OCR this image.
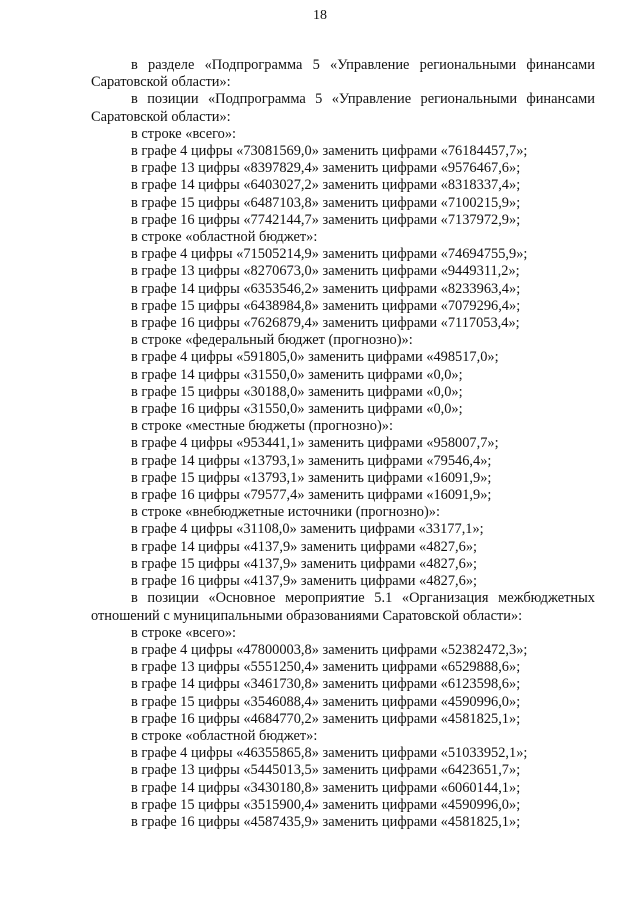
18

в разделе «Подпрограмма 5 «Управление региональными финансами Саратовской области»:

в позиции «Подпрограмма 5 «Управление региональными финансами Саратовской области»:

в строке «всего»:

в графе 4 цифры «73081569,0» заменить цифрами «76184457,7»;

в графе 13 цифры «8397829,4» заменить цифрами «9576467,6»;

в графе 14 цифры «6403027,2» заменить цифрами «8318337,4»;

в графе 15 цифры «6487103,8» заменить цифрами «7100215,9»;

в графе 16 цифры «7742144,7» заменить цифрами «7137972,9»;

в строке «областной бюджет»:

в графе 4 цифры «71505214,9» заменить цифрами «74694755,9»;

в графе 13 цифры «8270673,0» заменить цифрами «9449311,2»;

в графе 14 цифры «6353546,2» заменить цифрами «8233963,4»;

в графе 15 цифры «6438984,8» заменить цифрами «7079296,4»;

в графе 16 цифры «7626879,4» заменить цифрами «7117053,4»;

в строке «федеральный бюджет (прогнозно)»:

в графе 4 цифры «591805,0» заменить цифрами «498517,0»;

в графе 14 цифры «31550,0» заменить цифрами «0,0»;

в графе 15 цифры «30188,0» заменить цифрами «0,0»;

в графе 16 цифры «31550,0» заменить цифрами «0,0»;

в строке «местные бюджеты (прогнозно)»:

в графе 4 цифры «953441,1» заменить цифрами «958007,7»;

в графе 14 цифры «13793,1» заменить цифрами «79546,4»;

в графе 15 цифры «13793,1» заменить цифрами «16091,9»;

в графе 16 цифры «79577,4» заменить цифрами «16091,9»;

в строке «внебюджетные источники (прогнозно)»:

в графе 4 цифры «31108,0» заменить цифрами «33177,1»;

в графе 14 цифры «4137,9» заменить цифрами «4827,6»;

в графе 15 цифры «4137,9» заменить цифрами «4827,6»;

в графе 16 цифры «4137,9» заменить цифрами «4827,6»;

в позиции «Основное мероприятие 5.1 «Организация межбюджетных отношений с муниципальными образованиями Саратовской области»:

в строке «всего»:

в графе 4 цифры «47800003,8» заменить цифрами «52382472,3»;

в графе 13 цифры «5551250,4» заменить цифрами «6529888,6»;

в графе 14 цифры «3461730,8» заменить цифрами «6123598,6»;

в графе 15 цифры «3546088,4» заменить цифрами «4590996,0»;

в графе 16 цифры «4684770,2» заменить цифрами «4581825,1»;

в строке «областной бюджет»:

в графе 4 цифры «46355865,8» заменить цифрами «51033952,1»;

в графе 13 цифры «5445013,5» заменить цифрами «6423651,7»;

в графе 14 цифры «3430180,8» заменить цифрами «6060144,1»;

в графе 15 цифры «3515900,4» заменить цифрами «4590996,0»;

в графе 16 цифры «4587435,9» заменить цифрами «4581825,1»;
